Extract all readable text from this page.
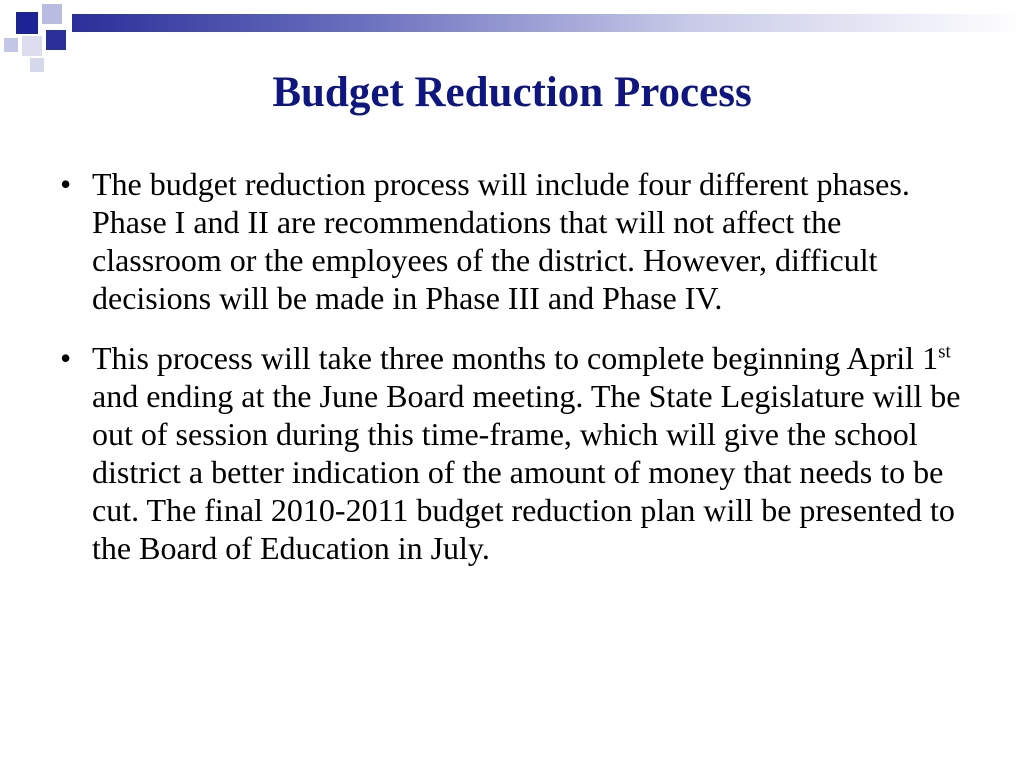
Budget Reduction Process
• The budget reduction process will include four different phases. Phase I and II are recommendations that will not affect the classroom or the employees of the district. However, difficult decisions will be made in Phase III and Phase IV.
• This process will take three months to complete beginning April 1st and ending at the June Board meeting. The State Legislature will be out of session during this time-frame, which will give the school district a better indication of the amount of money that needs to be cut. The final 2010-2011 budget reduction plan will be presented to the Board of Education in July.
